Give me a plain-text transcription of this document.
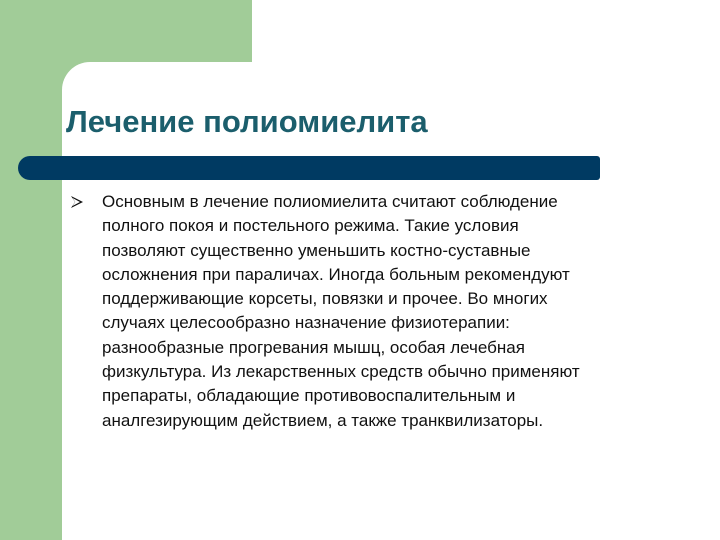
Лечение полиомиелита
Основным в лечение полиомиелита считают соблюдение
полного покоя и постельного режима. Такие условия
позволяют существенно уменьшить костно-суставные
осложнения при параличах. Иногда больным рекомендуют
поддерживающие корсеты, повязки и прочее. Во многих
случаях целесообразно назначение физиотерапии:
разнообразные прогревания мышц, особая лечебная
физкультура. Из лекарственных средств обычно применяют
препараты, обладающие противовоспалительным и
аналгезирующим действием, а также транквилизаторы.
